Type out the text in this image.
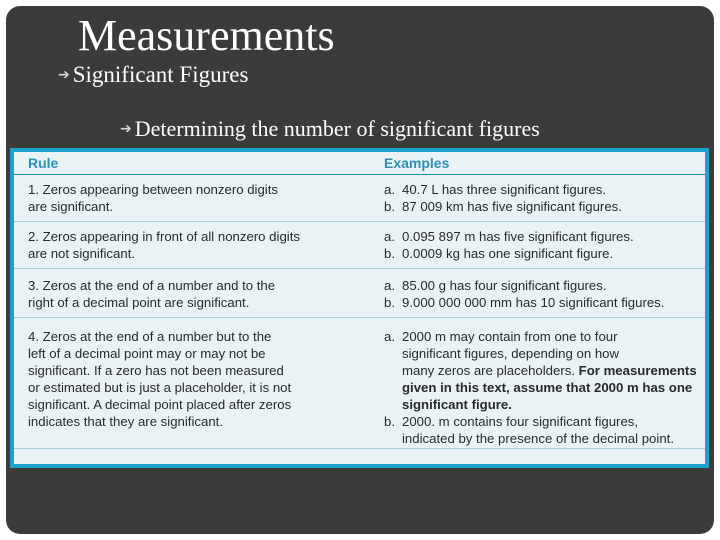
Measurements
➔ Significant Figures
➔ Determining the number of significant figures
Rule	Examples
1. Zeros appearing between nonzero digits
are significant.
a. 40.7 L has three significant figures.
b. 87 009 km has five significant figures.
2. Zeros appearing in front of all nonzero digits
are not significant.
a. 0.095 897 m has five significant figures.
b. 0.0009 kg has one significant figure.
3. Zeros at the end of a number and to the
right of a decimal point are significant.
a. 85.00 g has four significant figures.
b. 9.000 000 000 mm has 10 significant figures.
4. Zeros at the end of a number but to the
left of a decimal point may or may not be
significant. If a zero has not been measured
or estimated but is just a placeholder, it is not
significant. A decimal point placed after zeros
indicates that they are significant.
a. 2000 m may contain from one to four
significant figures, depending on how
many zeros are placeholders. For measurements given in this text, assume that 2000 m has one significant figure.
b. 2000. m contains four significant figures,
indicated by the presence of the decimal point.
